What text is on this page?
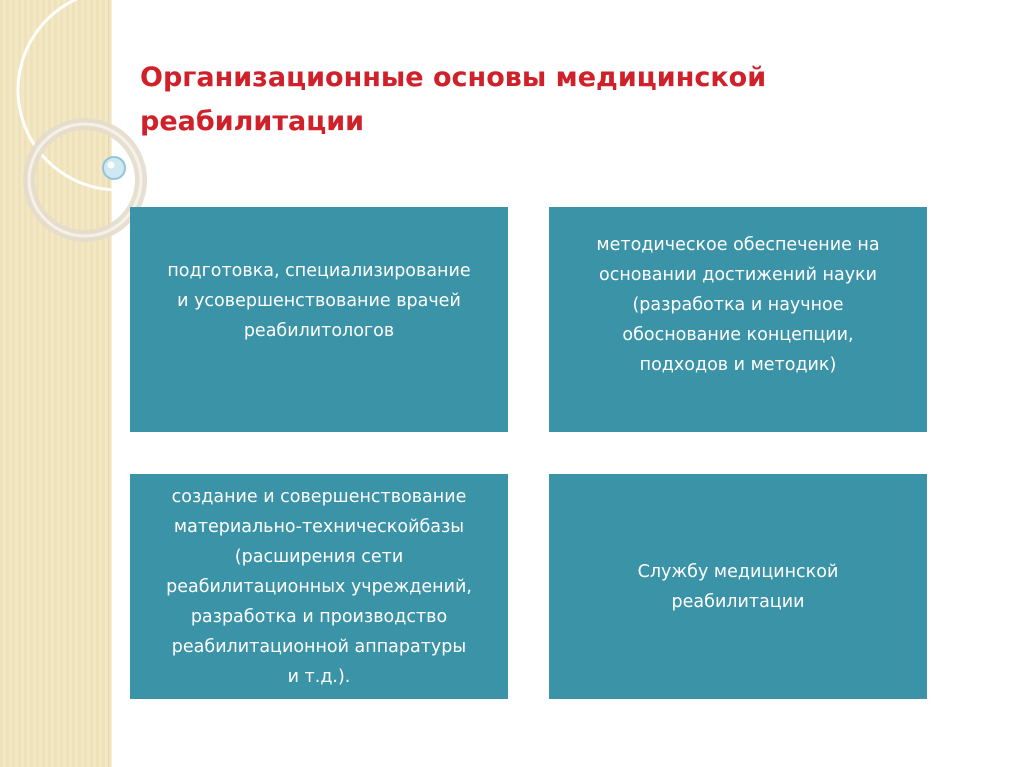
Организационные основы медицинской
реабилитации
подготовка, специализирование
и усовершенствование врачей
реабилитологов
методическое обеспечение на
основании достижений науки
(разработка и научное
обоснование концепции,
подходов и методик)
создание и совершенствование
материально-техническойбазы
(расширения сети
реабилитационных учреждений,
разработка и производство
реабилитационной аппаратуры
и т.д.).
Службу медицинской
реабилитации
